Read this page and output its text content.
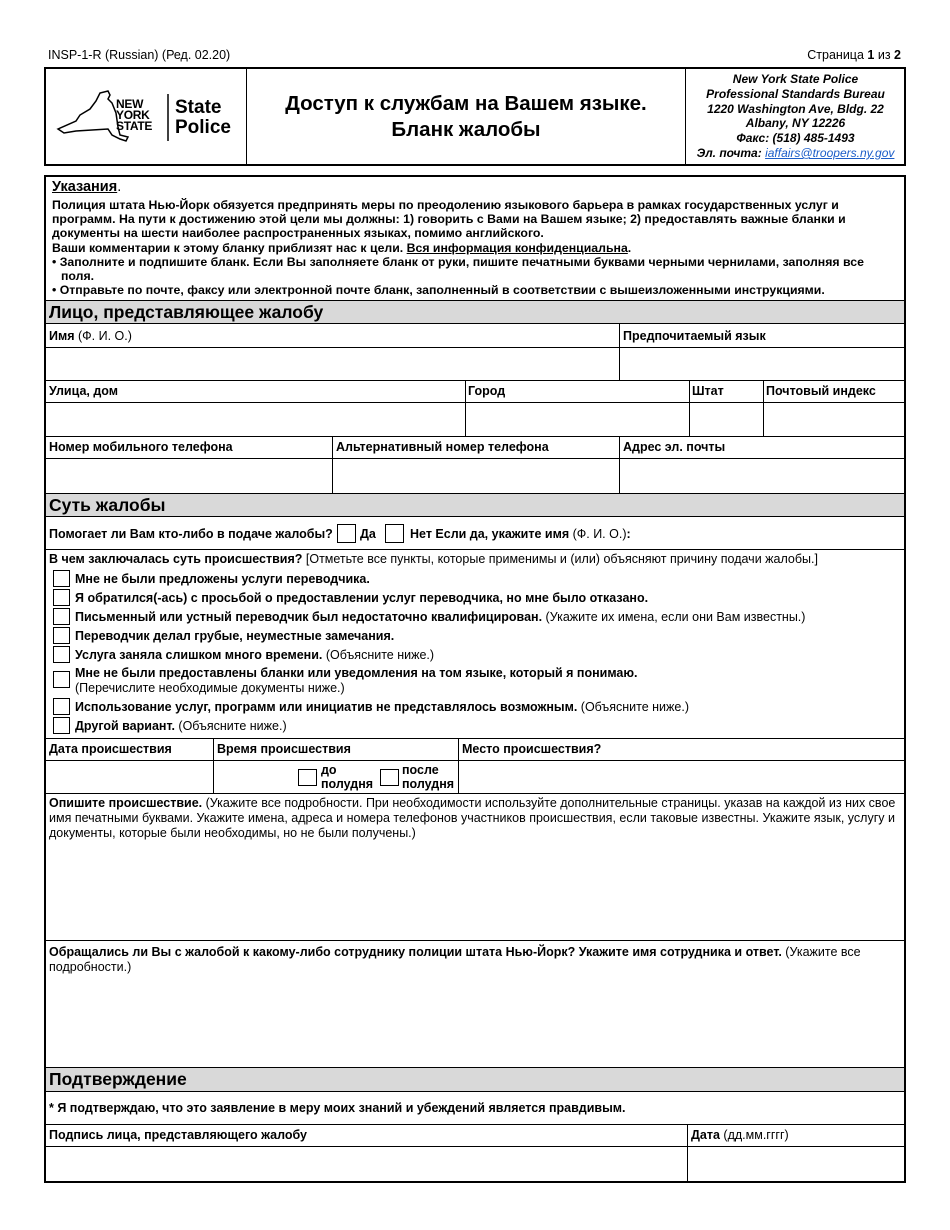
INSP-1-R (Russian) (Ред. 02.20)	Страница 1 из 2
NEW
YORK
STATE
State
Police
Доступ к службам на Вашем языке.
Бланк жалобы
New York State Police
Professional Standards Bureau
1220 Washington Ave, Bldg. 22
Albany, NY 12226
Факс: (518) 485-1493
Эл. почта: iaffairs@troopers.ny.gov
Указания.
Полиция штата Нью-Йорк обязуется предпринять меры по преодолению языкового барьера в рамках государственных услуг и программ. На пути к достижению этой цели мы должны: 1) говорить с Вами на Вашем языке; 2) предоставлять важные бланки и документы на шести наиболее распространенных языках, помимо английского.
Ваши комментарии к этому бланку приблизят нас к цели. Вся информация конфиденциальна.
• Заполните и подпишите бланк. Если Вы заполняете бланк от руки, пишите печатными буквами черными чернилами, заполняя все поля.
• Отправьте по почте, факсу или электронной почте бланк, заполненный в соответствии с вышеизложенными инструкциями.
Лицо, представляющее жалобу
Имя (Ф. И. О.)	Предпочитаемый язык
Улица, дом	Город	Штат	Почтовый индекс
Номер мобильного телефона	Альтернативный номер телефона	Адрес эл. почты
Суть жалобы
Помогает ли Вам кто-либо в подаче жалобы? Да	Нет Если да, укажите имя (Ф. И. О.):
В чем заключалась суть происшествия? [Отметьте все пункты, которые применимы и (или) объясняют причину подачи жалобы.]
Мне не были предложены услуги переводчика.
Я обратился(-ась) с просьбой о предоставлении услуг переводчика, но мне было отказано.
Письменный или устный переводчик был недостаточно квалифицирован. (Укажите их имена, если они Вам известны.)
Переводчик делал грубые, неуместные замечания.
Услуга заняла слишком много времени. (Объясните ниже.)
Мне не были предоставлены бланки или уведомления на том языке, который я понимаю.
(Перечислите необходимые документы ниже.)
Использование услуг, программ или инициатив не представлялось возможным. (Объясните ниже.)
Другой вариант. (Объясните ниже.)
Дата происшествия	Время происшествия	Место происшествия?
до
полудня
после
полудня
Опишите происшествие. (Укажите все подробности. При необходимости используйте дополнительные страницы. указав на каждой из них свое имя печатными буквами. Укажите имена, адреса и номера телефонов участников происшествия, если таковые известны. Укажите язык, услугу и документы, которые были необходимы, но не были получены.)
Обращались ли Вы с жалобой к какому-либо сотруднику полиции штата Нью-Йорк? Укажите имя сотрудника и ответ. (Укажите все подробности.)
Подтверждение
* Я подтверждаю, что это заявление в меру моих знаний и убеждений является правдивым.
Подпись лица, представляющего жалобу	Дата (дд.мм.гггг)
